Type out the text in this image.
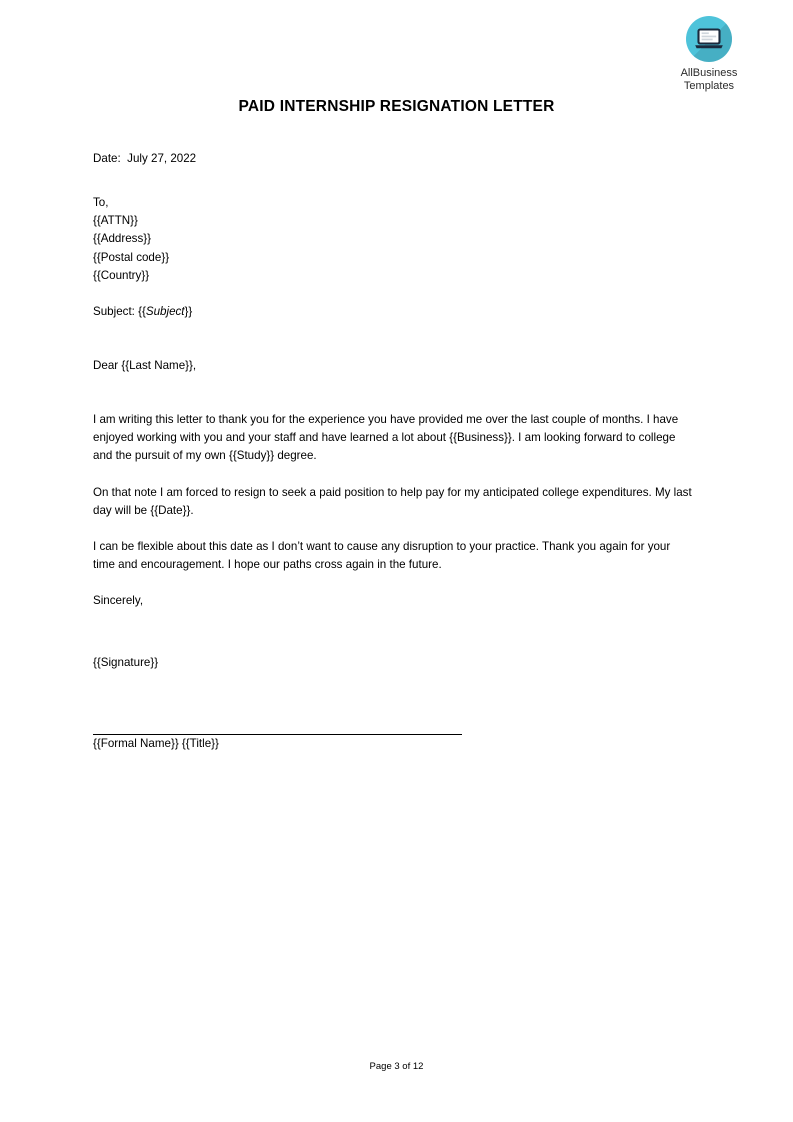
AllBusiness
Templates
PAID INTERNSHIP RESIGNATION LETTER
Date:  July 27, 2022
To,
{{ATTN}}
{{Address}}
{{Postal code}}
{{Country}}
Subject: {{Subject}}
Dear {{Last Name}},

I am writing this letter to thank you for the experience you have provided me over the last couple of months. I have enjoyed working with you and your staff and have learned a lot about {{Business}}. I am looking forward to college and the pursuit of my own {{Study}} degree.

On that note I am forced to resign to seek a paid position to help pay for my anticipated college expenditures. My last day will be {{Date}}.

I can be flexible about this date as I don’t want to cause any disruption to your practice. Thank you again for your time and encouragement. I hope our paths cross again in the future.

Sincerely,
{{Signature}}
{{Formal Name}} {{Title}}
Page 3 of 12
